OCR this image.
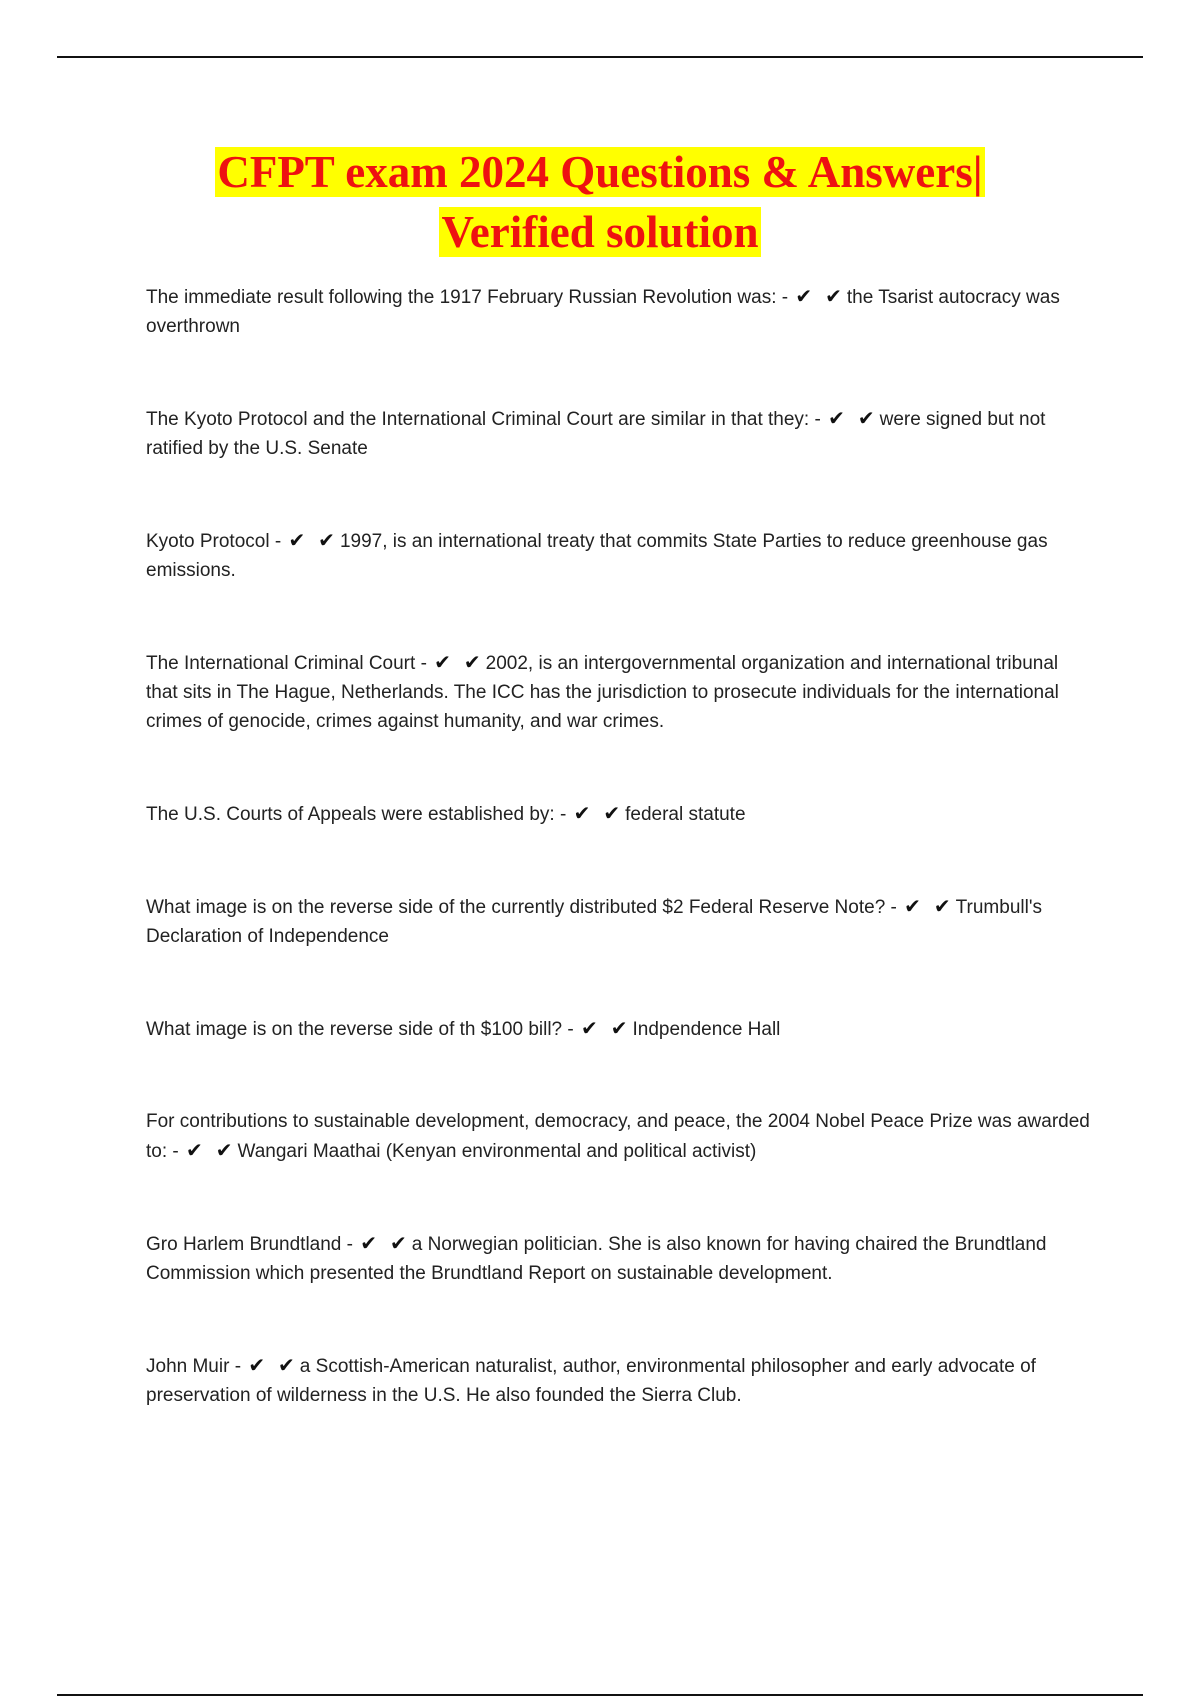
CFPT exam 2024 Questions & Answers|
Verified solution

The immediate result following the 1917 February Russian Revolution was: - ✔ ✔ the Tsarist autocracy was overthrown

The Kyoto Protocol and the International Criminal Court are similar in that they: - ✔ ✔ were signed but not ratified by the U.S. Senate

Kyoto Protocol - ✔ ✔ 1997, is an international treaty that commits State Parties to reduce greenhouse gas emissions.

The International Criminal Court - ✔ ✔ 2002, is an intergovernmental organization and international tribunal that sits in The Hague, Netherlands. The ICC has the jurisdiction to prosecute individuals for the international crimes of genocide, crimes against humanity, and war crimes.

The U.S. Courts of Appeals were established by: - ✔ ✔ federal statute

What image is on the reverse side of the currently distributed $2 Federal Reserve Note? - ✔ ✔ Trumbull's Declaration of Independence

What image is on the reverse side of th $100 bill? - ✔ ✔ Indpendence Hall

For contributions to sustainable development, democracy, and peace, the 2004 Nobel Peace Prize was awarded to: - ✔ ✔ Wangari Maathai (Kenyan environmental and political activist)

Gro Harlem Brundtland - ✔ ✔ a Norwegian politician. She is also known for having chaired the Brundtland Commission which presented the Brundtland Report on sustainable development.

John Muir - ✔ ✔ a Scottish-American naturalist, author, environmental philosopher and early advocate of preservation of wilderness in the U.S. He also founded the Sierra Club.
